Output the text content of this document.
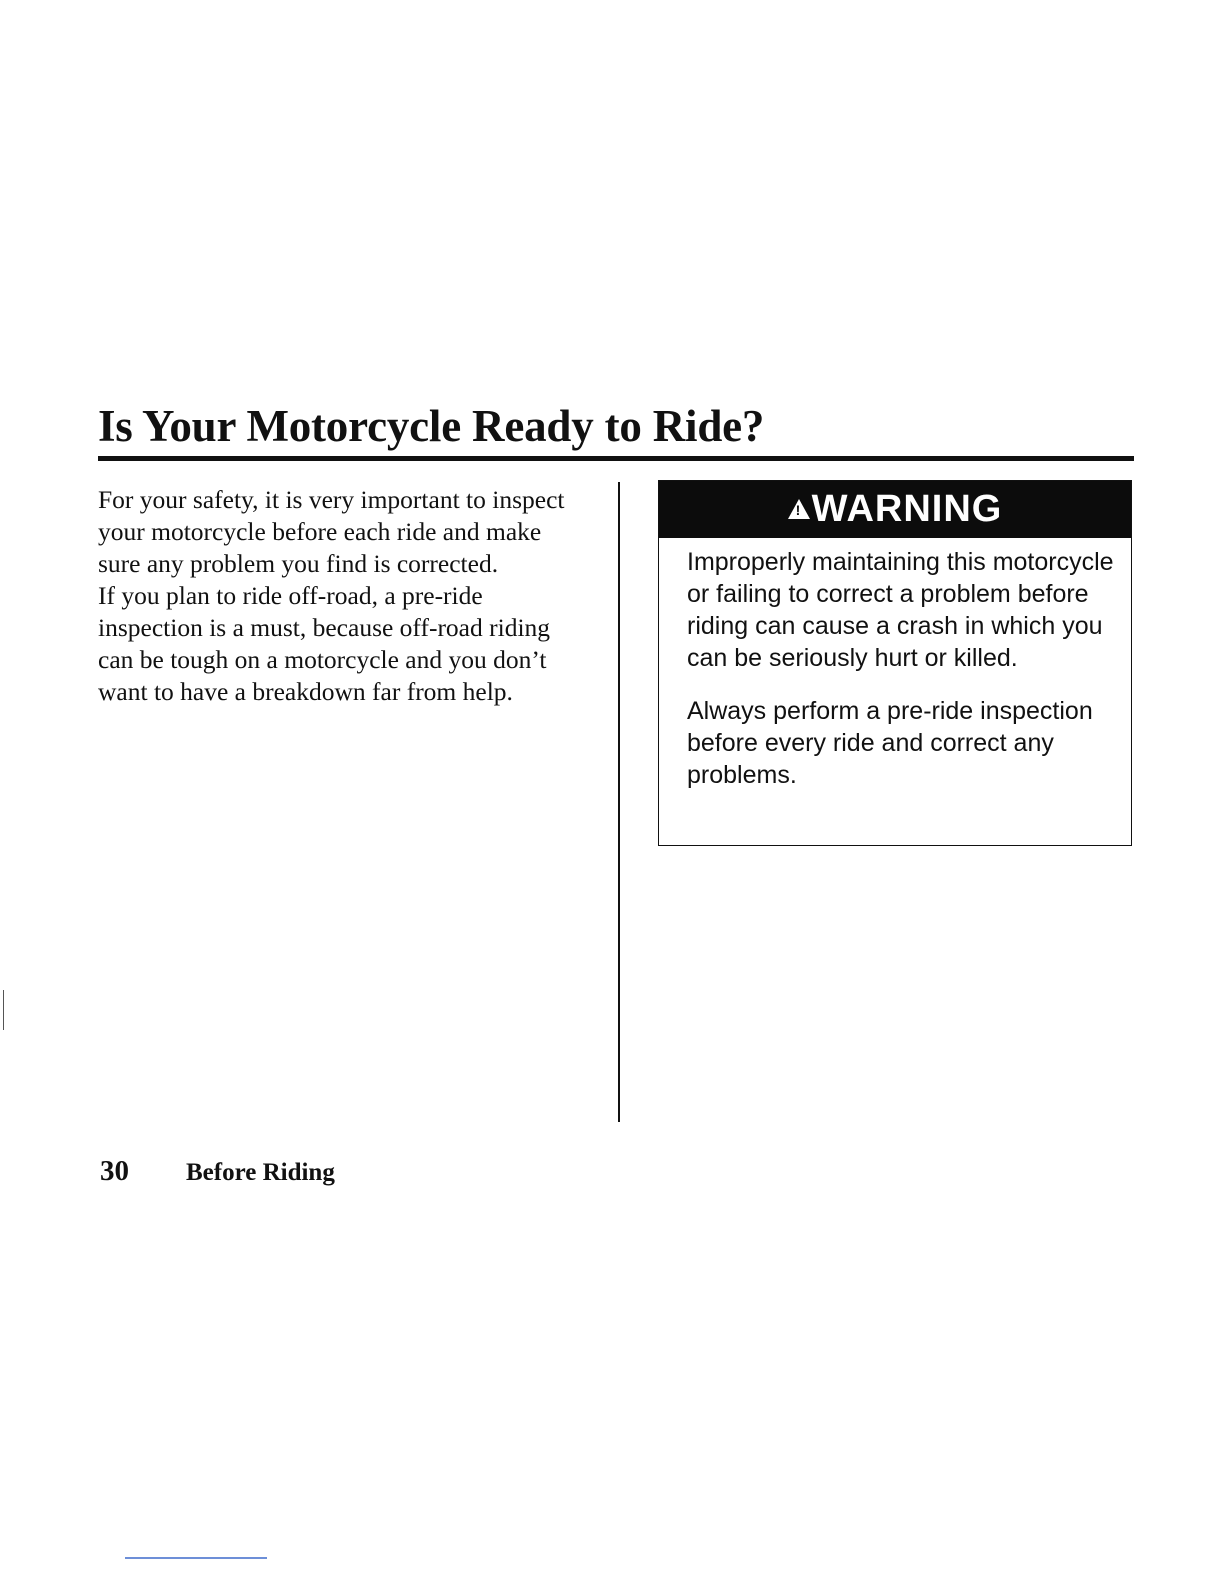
Is Your Motorcycle Ready to Ride?

For your safety, it is very important to inspect your motorcycle before each ride and make sure any problem you find is corrected.

If you plan to ride off-road, a pre-ride inspection is a must, because off-road riding can be tough on a motorcycle and you don’t want to have a breakdown far from help.

!
WARNING

Improperly maintaining this motorcycle or failing to correct a problem before riding can cause a crash in which you can be seriously hurt or killed.

Always perform a pre-ride inspection before every ride and correct any problems.

30 Before Riding
